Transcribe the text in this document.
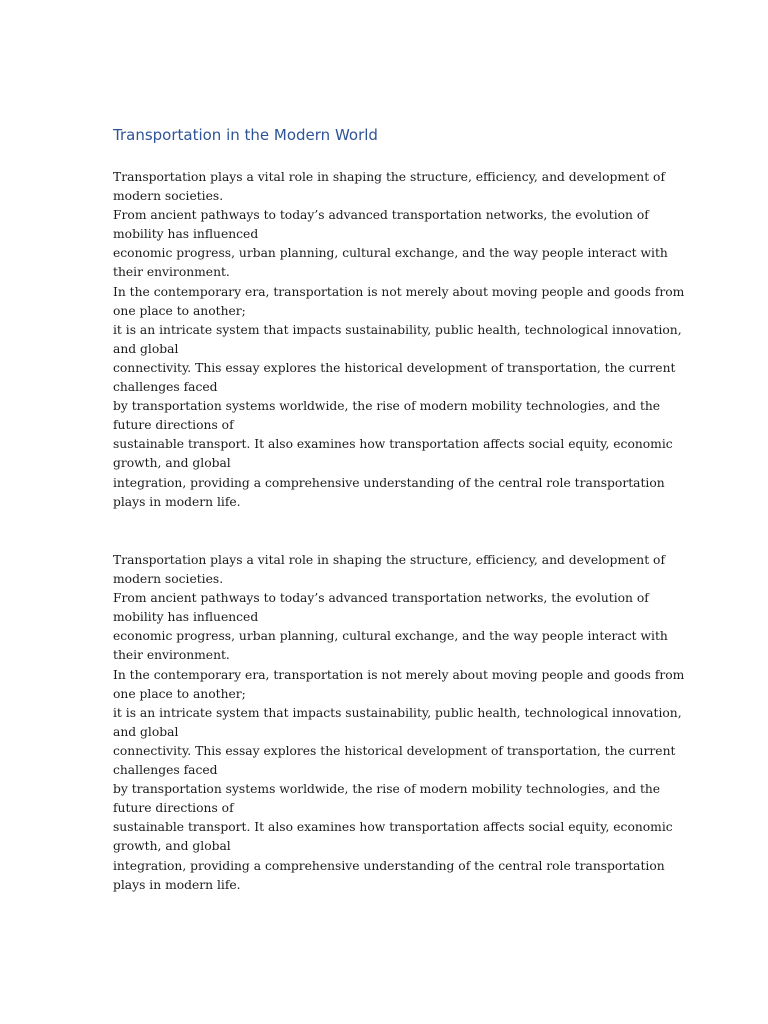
Transportation in the Modern World
Transportation plays a vital role in shaping the structure, efficiency, and development of
modern societies.
From ancient pathways to today’s advanced transportation networks, the evolution of
mobility has influenced
economic progress, urban planning, cultural exchange, and the way people interact with
their environment.
In the contemporary era, transportation is not merely about moving people and goods from
one place to another;
it is an intricate system that impacts sustainability, public health, technological innovation,
and global
connectivity. This essay explores the historical development of transportation, the current
challenges faced
by transportation systems worldwide, the rise of modern mobility technologies, and the
future directions of
sustainable transport. It also examines how transportation affects social equity, economic
growth, and global
integration, providing a comprehensive understanding of the central role transportation
plays in modern life.
Transportation plays a vital role in shaping the structure, efficiency, and development of
modern societies.
From ancient pathways to today’s advanced transportation networks, the evolution of
mobility has influenced
economic progress, urban planning, cultural exchange, and the way people interact with
their environment.
In the contemporary era, transportation is not merely about moving people and goods from
one place to another;
it is an intricate system that impacts sustainability, public health, technological innovation,
and global
connectivity. This essay explores the historical development of transportation, the current
challenges faced
by transportation systems worldwide, the rise of modern mobility technologies, and the
future directions of
sustainable transport. It also examines how transportation affects social equity, economic
growth, and global
integration, providing a comprehensive understanding of the central role transportation
plays in modern life.
